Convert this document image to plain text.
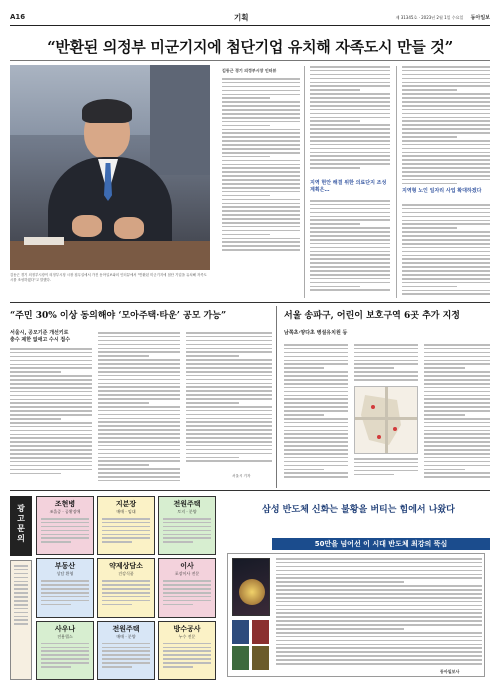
A16	기획	제 31345호 · 2023년 2월 1일 수요일 동아일보
“반환된 의정부 미군기지에 첨단기업 유치해 자족도시 만들 것”
김동근 경기 의정부시장이 의정부시청 시장 집무실에서 가진 동아일보와의 인터뷰에서 "반환된 미군기지에 첨단 기업을 유치해 자족도시를 조성하겠다"고 말했다.
김동근 경기 의정부시장 인터뷰
지역 현안 해결 위한 의료단지 조성 계획은…	지역형 노인 일자리 사업 확대하겠다
“주민 30% 이상 동의해야 ‘모아주택·타운’ 공모 가능”
서울시, 공모기준 개선키로
충수 제한 없애고 수시 접수
서울시 기자
서울 송파구, 어린이 보호구역 6곳 추가 지정
남쪽초·양다초 병설유치원 등
광고 문의
조현병
조울증 · 공황장애
지분장
매매 · 임대
전원주택
토지 · 분양
부동산
상담 환영
약제상담소
건강식품
이사
포장이사 전문
사우나
전용헬스
전원주택
매매 · 분양
방수공사
누수 전문
삼성 반도체 신화는 불황을 버티는 힘에서 나왔다
50만을 넘어선 이 시대 반도체 최강의 뚝심
동아일보사
